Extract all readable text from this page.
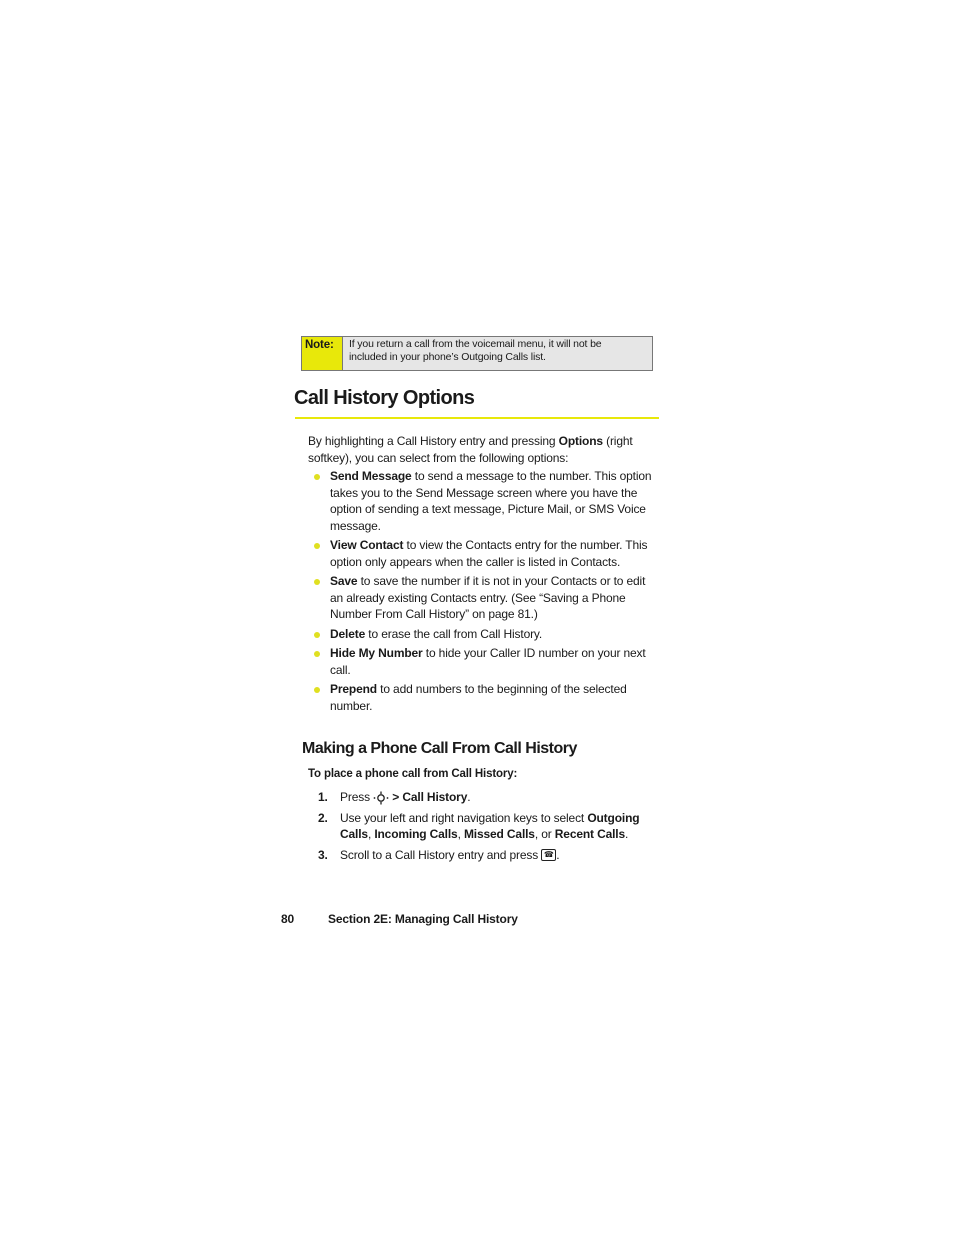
Note:	If you return a call from the voicemail menu, it will not be included in your phone’s Outgoing Calls list.
Call History Options
By highlighting a Call History entry and pressing Options (right softkey), you can select from the following options:
Send Message to send a message to the number. This option takes you to the Send Message screen where you have the option of sending a text message, Picture Mail, or SMS Voice message.
View Contact to view the Contacts entry for the number. This option only appears when the caller is listed in Contacts.
Save to save the number if it is not in your Contacts or to edit an already existing Contacts entry. (See “Saving a Phone Number From Call History” on page 81.)
Delete to erase the call from Call History.
Hide My Number to hide your Caller ID number on your next call.
Prepend to add numbers to the beginning of the selected number.
Making a Phone Call From Call History
To place a phone call from Call History:
1. Press  > Call History.
2. Use your left and right navigation keys to select Outgoing Calls, Incoming Calls, Missed Calls, or Recent Calls.
3. Scroll to a Call History entry and press ☎ .
80	Section 2E: Managing Call History
